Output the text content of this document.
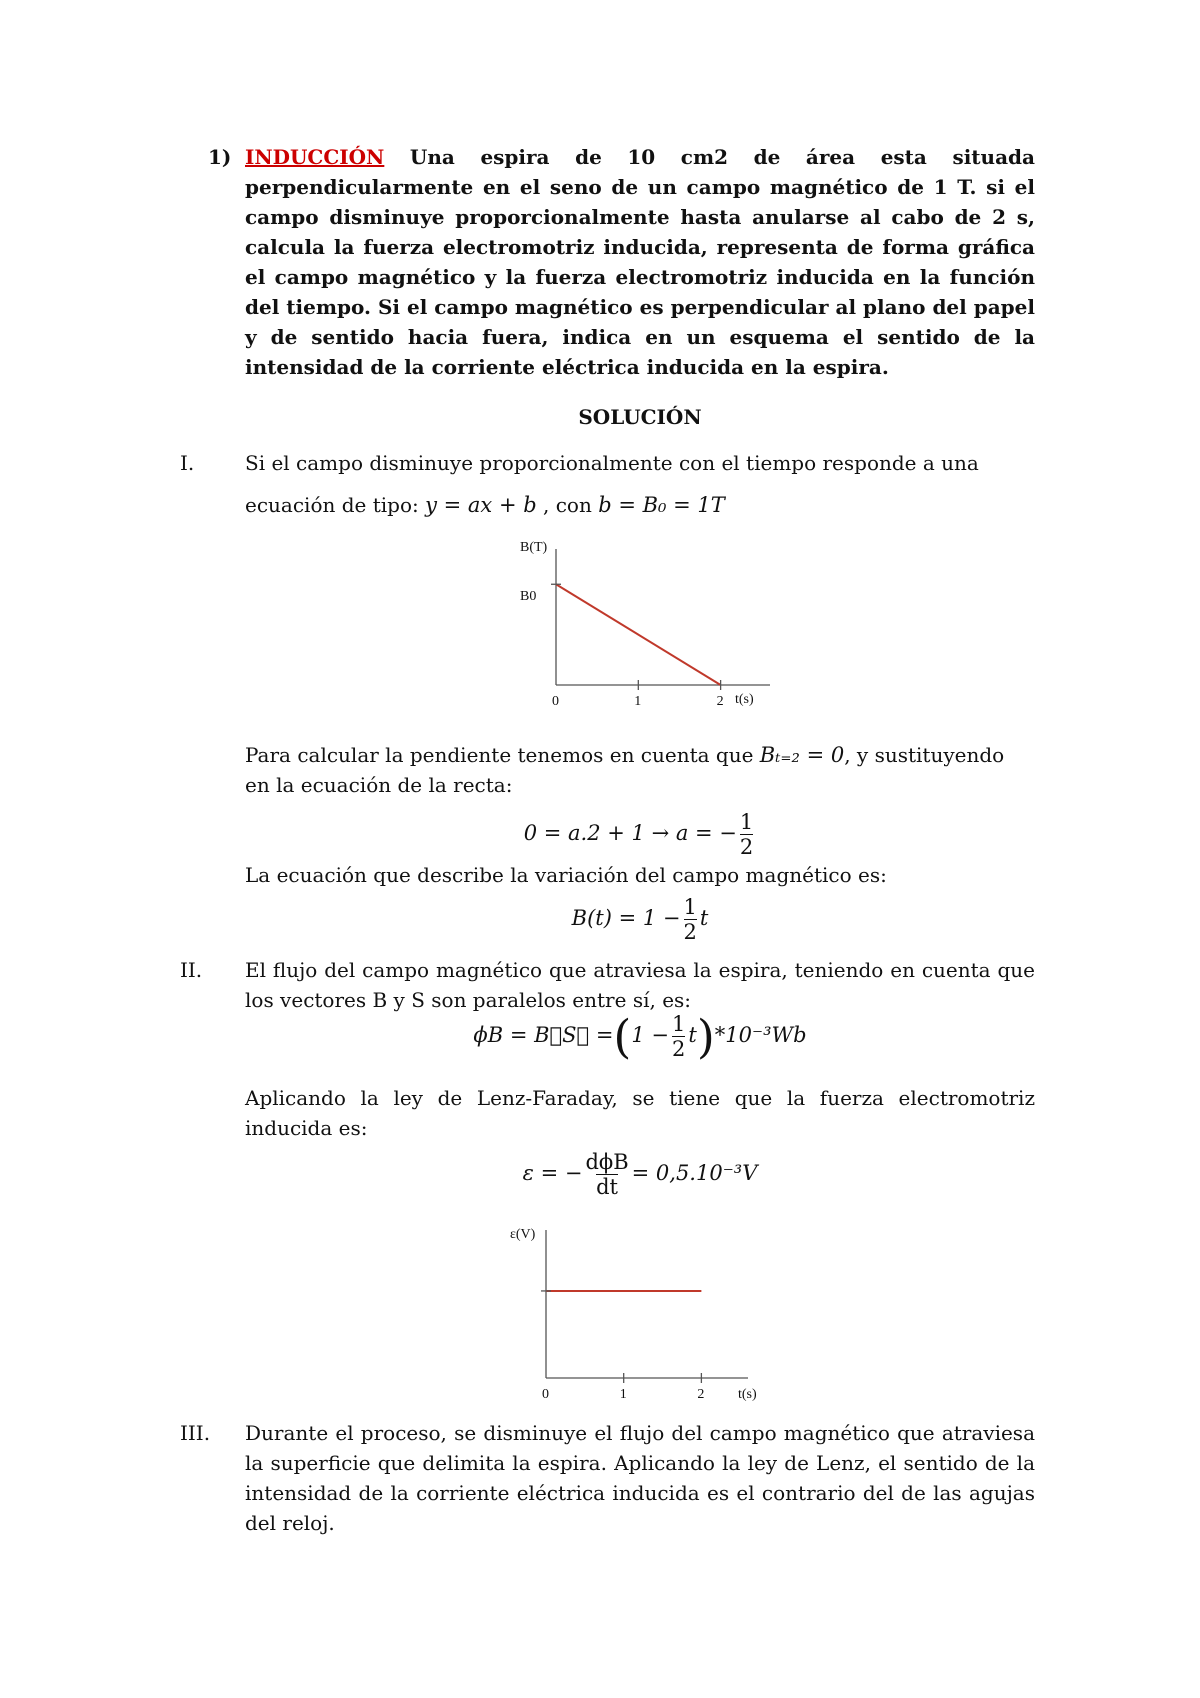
1) INDUCCIÓN Una espira de 10 cm2 de área esta situada perpendicularmente en el seno de un campo magnético de 1 T. si el campo disminuye proporcionalmente hasta anularse al cabo de 2 s, calcula la fuerza electromotriz inducida, representa de forma gráfica el campo magnético y la fuerza electromotriz inducida en la función del tiempo. Si el campo magnético es perpendicular al plano del papel y de sentido hacia fuera, indica en un esquema el sentido de la intensidad de la corriente eléctrica inducida en la espira.
SOLUCIÓN
I.	Si el campo disminuye proporcionalmente con el tiempo responde a una
ecuación de tipo: y = ax + b , con b = B₀ = 1T
B(T)
B0
0	1	2 t(s)
Para calcular la pendiente tenemos en cuenta que Bₜ₌₂ = 0, y sustituyendo en la ecuación de la recta:
0 = a.2 + 1 → a = − $\frac{1}{2}$
La ecuación que describe la variación del campo magnético es:
$B(t) = 1 - \frac{1}{2}$ t
II.	El flujo del campo magnético que atraviesa la espira, teniendo en cuenta que los vectores B y S son paralelos entre sí, es:
ϕB = B⃗S⃗ $=(1 - \frac{1}{2} t)*10^{-3}Wb$
Aplicando la ley de Lenz-Faraday, se tiene que la fuerza electromotriz inducida es:
ε = − $\frac{\text{dϕB}}{dt} = 0,5.10^{-3}V$
ε(V)
0	1	2 t(s)
III.	Durante el proceso, se disminuye el flujo del campo magnético que atraviesa la superficie que delimita la espira. Aplicando la ley de Lenz, el sentido de la intensidad de la corriente eléctrica inducida es el contrario del de las agujas del reloj.
